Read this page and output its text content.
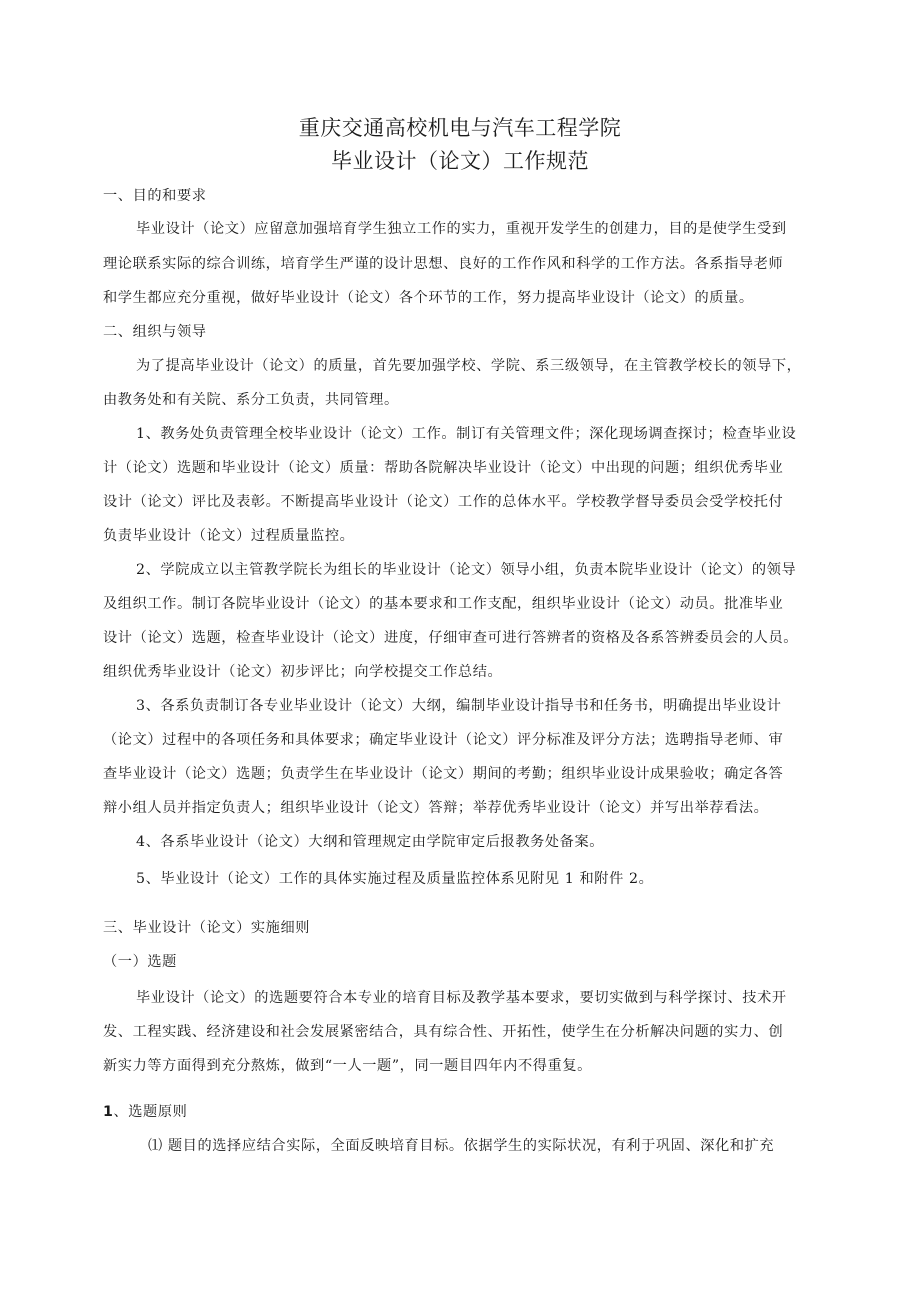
重庆交通高校机电与汽车工程学院
毕业设计（论文）工作规范
一、目的和要求
毕业设计（论文）应留意加强培育学生独立工作的实力，重视开发学生的创建力，目的是使学生受到
理论联系实际的综合训练，培育学生严谨的设计思想、良好的工作作风和科学的工作方法。各系指导老师
和学生都应充分重视，做好毕业设计（论文）各个环节的工作，努力提高毕业设计（论文）的质量。
二、组织与领导
为了提高毕业设计（论文）的质量，首先要加强学校、学院、系三级领导，在主管教学校长的领导下，
由教务处和有关院、系分工负责，共同管理。
1、教务处负责管理全校毕业设计（论文）工作。制订有关管理文件；深化现场调查探讨；检查毕业设
计（论文）选题和毕业设计（论文）质量：帮助各院解决毕业设计（论文）中出现的问题；组织优秀毕业
设计（论文）评比及表彰。不断提高毕业设计（论文）工作的总体水平。学校教学督导委员会受学校托付
负责毕业设计（论文）过程质量监控。
2、学院成立以主管教学院长为组长的毕业设计（论文）领导小组，负责本院毕业设计（论文）的领导
及组织工作。制订各院毕业设计（论文）的基本要求和工作支配，组织毕业设计（论文）动员。批准毕业
设计（论文）选题，检查毕业设计（论文）进度，仔细审查可进行答辨者的资格及各系答辨委员会的人员。
组织优秀毕业设计（论文）初步评比；向学校提交工作总结。
3、各系负责制订各专业毕业设计（论文）大纲，编制毕业设计指导书和任务书，明确提出毕业设计
（论文）过程中的各项任务和具体要求；确定毕业设计（论文）评分标准及评分方法；选聘指导老师、审
查毕业设计（论文）选题；负责学生在毕业设计（论文）期间的考勤；组织毕业设计成果验收；确定各答
辩小组人员并指定负责人；组织毕业设计（论文）答辩；举荐优秀毕业设计（论文）并写出举荐看法。
4、各系毕业设计（论文）大纲和管理规定由学院审定后报教务处备案。
5、毕业设计（论文）工作的具体实施过程及质量监控体系见附见 1 和附件 2。
三、毕业设计（论文）实施细则
（一）选题
毕业设计（论文）的选题要符合本专业的培育目标及教学基本要求，要切实做到与科学探讨、技术开
发、工程实践、经济建设和社会发展紧密结合，具有综合性、开拓性，使学生在分析解决问题的实力、创
新实力等方面得到充分熬炼，做到“一人一题”，同一题目四年内不得重复。
1、选题原则
⑴ 题目的选择应结合实际，全面反映培育目标。依据学生的实际状况，有利于巩固、深化和扩充
